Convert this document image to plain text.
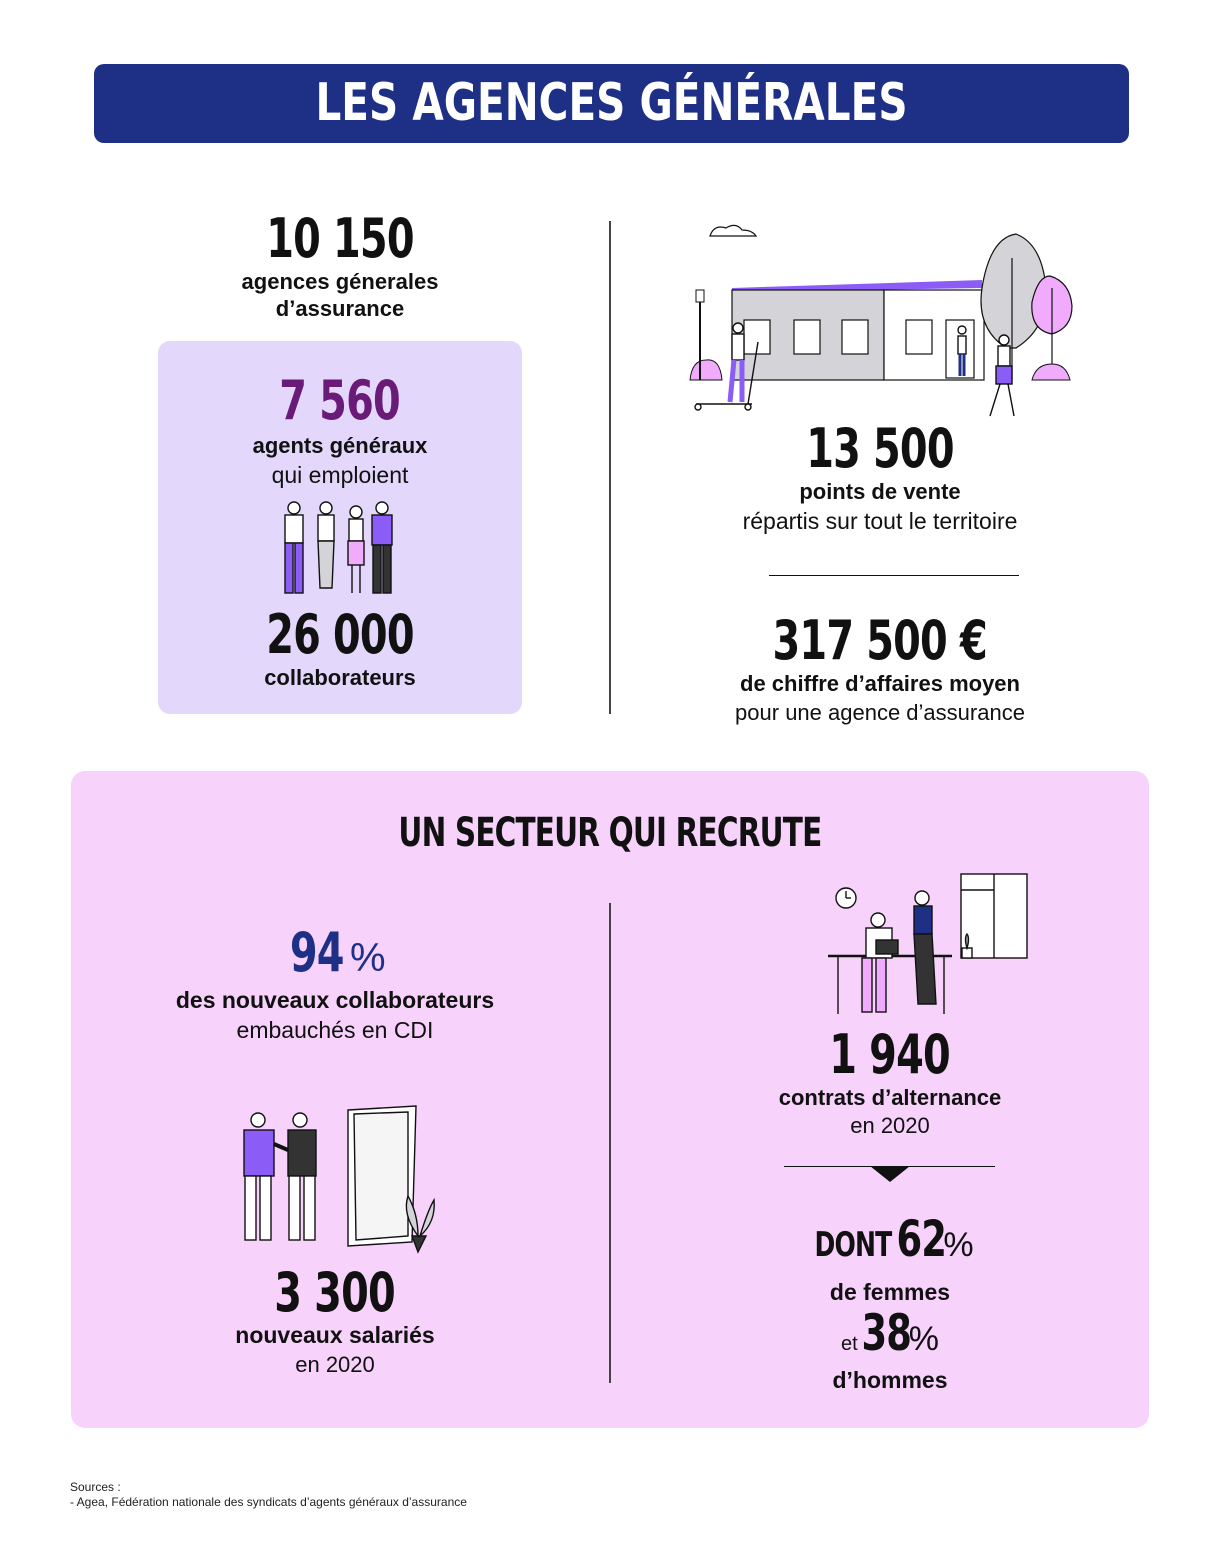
LES AGENCES GÉNÉRALES D'ASSURANCE C'EST...
10 150
agences génerales
d’assurance
7 560
agents généraux
qui emploient
26 000
collaborateurs
13 500
points de vente
répartis sur tout le territoire
317 500 €
de chiffre d’affaires moyen
pour une agence d’assurance
UN SECTEUR QUI RECRUTE
94 %
des nouveaux collaborateurs
embauchés en CDI
3 300
nouveaux salariés
en 2020
1 940
contrats d’alternance
en 2020
DONT 62%
de femmes
et 38%
d’hommes
Sources :
- Agea, Fédération nationale des syndicats d’agents généraux d’assurance
